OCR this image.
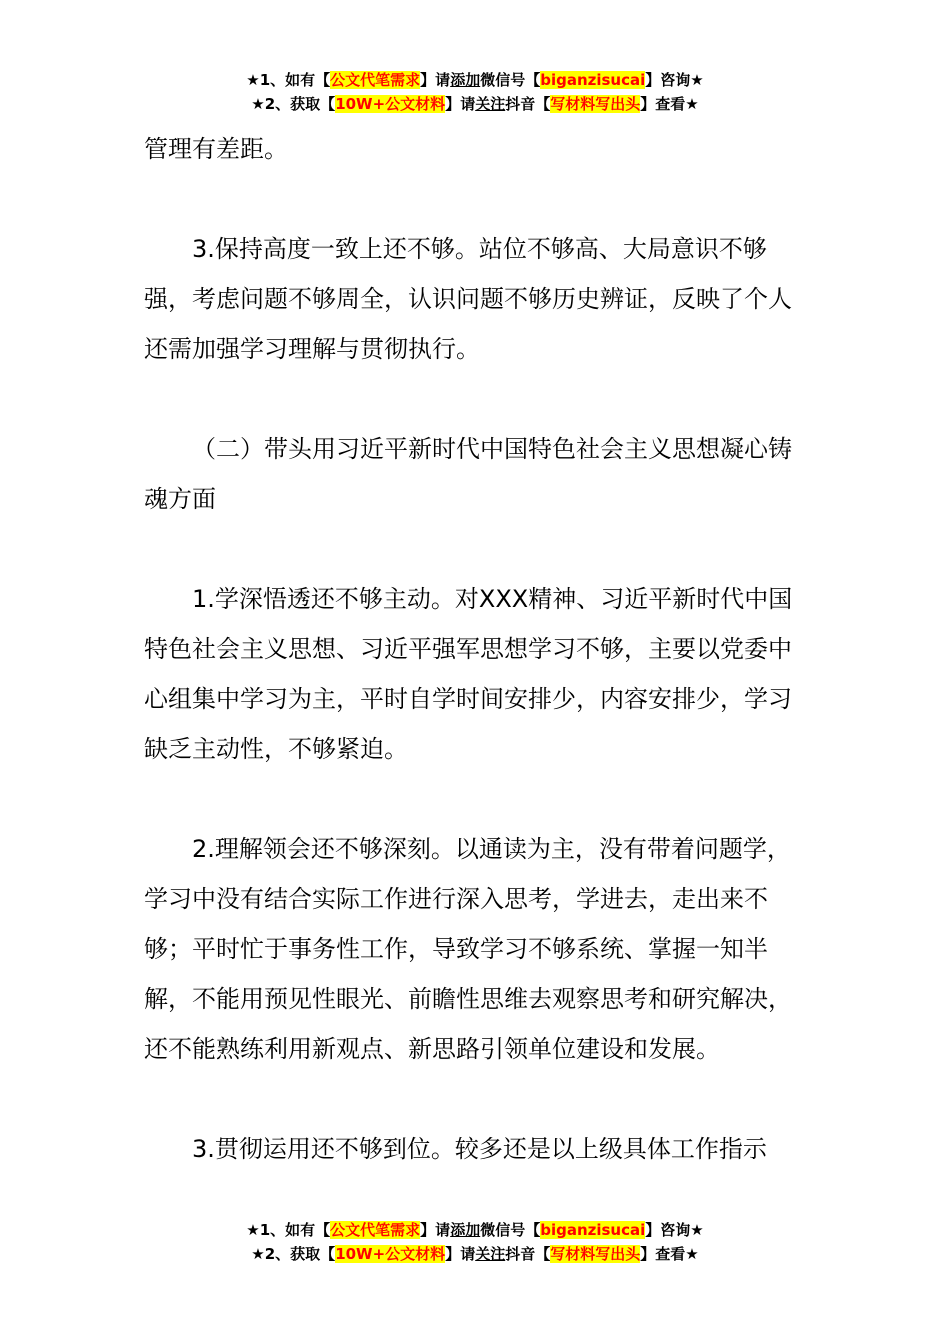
★1、如有【公文代笔需求】请添加微信号【biganzisucai】咨询★
★2、获取【10W+公文材料】请关注抖音【写材料写出头】查看★

管理有差距。

3.保持高度一致上还不够。站位不够高、大局意识不够强，考虑问题不够周全，认识问题不够历史辨证，反映了个人还需加强学习理解与贯彻执行。

（二）带头用习近平新时代中国特色社会主义思想凝心铸魂方面

1.学深悟透还不够主动。对XXX精神、习近平新时代中国特色社会主义思想、习近平强军思想学习不够，主要以党委中心组集中学习为主，平时自学时间安排少，内容安排少，学习缺乏主动性，不够紧迫。

2.理解领会还不够深刻。以通读为主，没有带着问题学，学习中没有结合实际工作进行深入思考，学进去，走出来不够；平时忙于事务性工作，导致学习不够系统、掌握一知半解，不能用预见性眼光、前瞻性思维去观察思考和研究解决，还不能熟练利用新观点、新思路引领单位建设和发展。

3.贯彻运用还不够到位。较多还是以上级具体工作指示

★1、如有【公文代笔需求】请添加微信号【biganzisucai】咨询★
★2、获取【10W+公文材料】请关注抖音【写材料写出头】查看★
